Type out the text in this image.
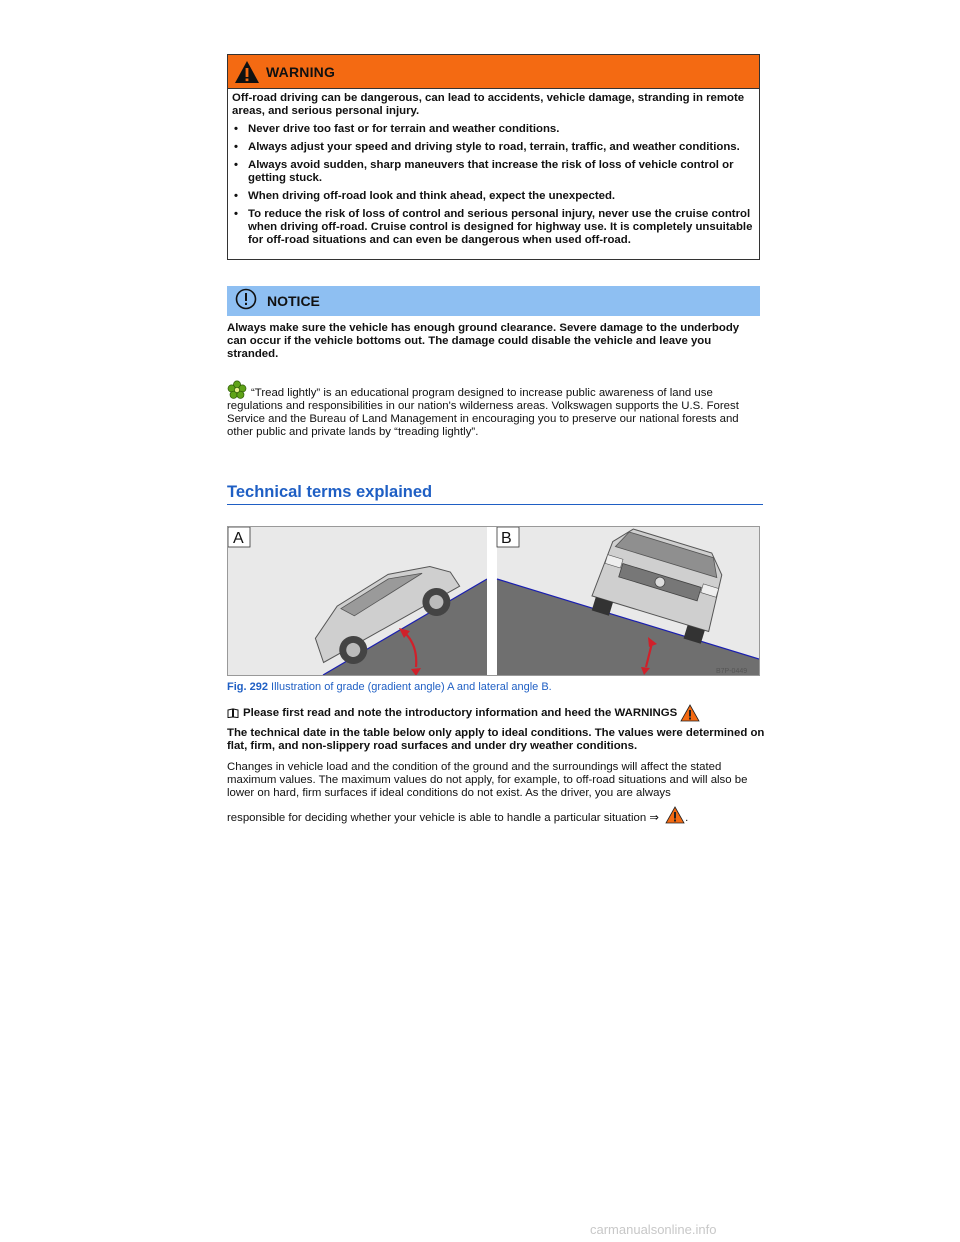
WARNING

Off-road driving can be dangerous, can lead to accidents, vehicle damage, stranding in remote areas, and serious personal injury.

• Never drive too fast or for terrain and weather conditions.
• Always adjust your speed and driving style to road, terrain, traffic, and weather conditions.
• Always avoid sudden, sharp maneuvers that increase the risk of loss of vehicle control or getting stuck.
• When driving off-road look and think ahead, expect the unexpected.
• To reduce the risk of loss of control and serious personal injury, never use the cruise control when driving off-road. Cruise control is designed for highway use. It is completely unsuitable for off-road situations and can even be dangerous when used off-road.
NOTICE

Always make sure the vehicle has enough ground clearance. Severe damage to the underbody can occur if the vehicle bottoms out. The damage could disable the vehicle and leave you stranded.

“Tread lightly” is an educational program designed to increase public awareness of land use regulations and responsibilities in our nation's wilderness areas. Volkswagen supports the U.S. Forest Service and the Bureau of Land Management in encouraging you to preserve our national forests and other public and private lands by “treading lightly”.

Technical terms explained
A	B
B7P-0449

Fig. 292 Illustration of grade (gradient angle) A and lateral angle B.

Please first read and note the introductory information and heed the WARNINGS

The technical date in the table below only apply to ideal conditions. The values were determined on flat, firm, and non-slippery road surfaces and under dry weather conditions.

Changes in vehicle load and the condition of the ground and the surroundings will affect the stated maximum values. The maximum values do not apply, for example, to off-road situations and will also be lower on hard, firm surfaces if ideal conditions do not exist. As the driver, you are always

responsible for deciding whether your vehicle is able to handle a particular situation ⇒ .

carmanualsonline.info
